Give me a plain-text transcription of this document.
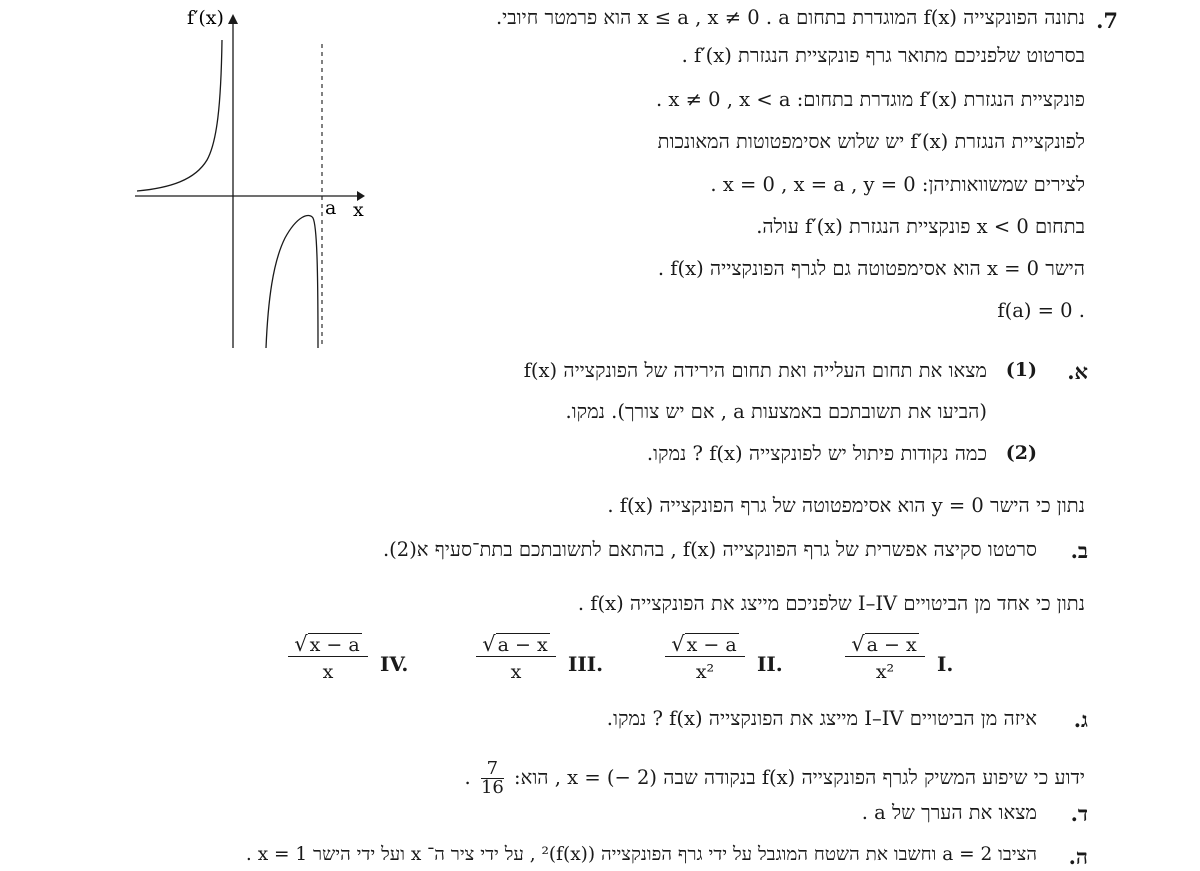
f′(x)
a x
.7
נתונה הפונקצייה f(x) המוגדרת בתחום x ≤ a , x ≠ 0 . a הוא פרמטר חיובי.
בסרטוט שלפניכם מתואר גרף פונקציית הנגזרת f′(x) .
פונקציית הנגזרת f′(x) מוגדרת בתחום: x ≠ 0 , x < a .
לפונקציית הנגזרת f′(x) יש שלוש אסימפטוטות המאונכות
לצירים שמשוואותיהן: x = 0 , x = a , y = 0 .
בתחום x < 0 פונקציית הנגזרת f′(x) עולה.
הישר x = 0 הוא אסימפטוטה גם לגרף הפונקצייה f(x) .
f(a) = 0 .
א.
(1)
מצאו את תחום העלייה ואת תחום הירידה של הפונקצייה f(x)
(הביעו את תשובתכם באמצעות a , אם יש צורך). נמקו.
(2)
כמה נקודות פיתול יש לפונקצייה f(x) ? נמקו.
נתון כי הישר y = 0 הוא אסימפטוטה של גרף הפונקצייה f(x) .
ב.
סרטטו סקיצה אפשרית של גרף הפונקצייה f(x) , בהתאם לתשובתכם בתת־סעיף א(2).
נתון כי אחד מן הביטויים I–IV שלפניכם מייצג את הפונקצייה f(x) .
$\frac{√ a - x}{\text{x²}} I$.
$\frac{√ x - a}{\text{x²}}$ II.
$\frac{√ a - x}{x}$ III.
$\frac{√ x - a}{x}$ IV.
ג.
איזה מן הביטויים I–IV מייצג את הפונקצייה f(x) ? נמקו.
ידוע כי שיפוע המשיק לגרף הפונקצייה f(x) בנקודה שבה x = (− 2) , הוא:
$\frac{7}{16}$
.
ד.
מצאו את הערך של a .
ה.
הציבו a = 2 וחשבו את השטח המוגבל על ידי גרף הפונקצייה (f(x))² , על ידי ציר ה־ x ועל ידי הישר x = 1 .
